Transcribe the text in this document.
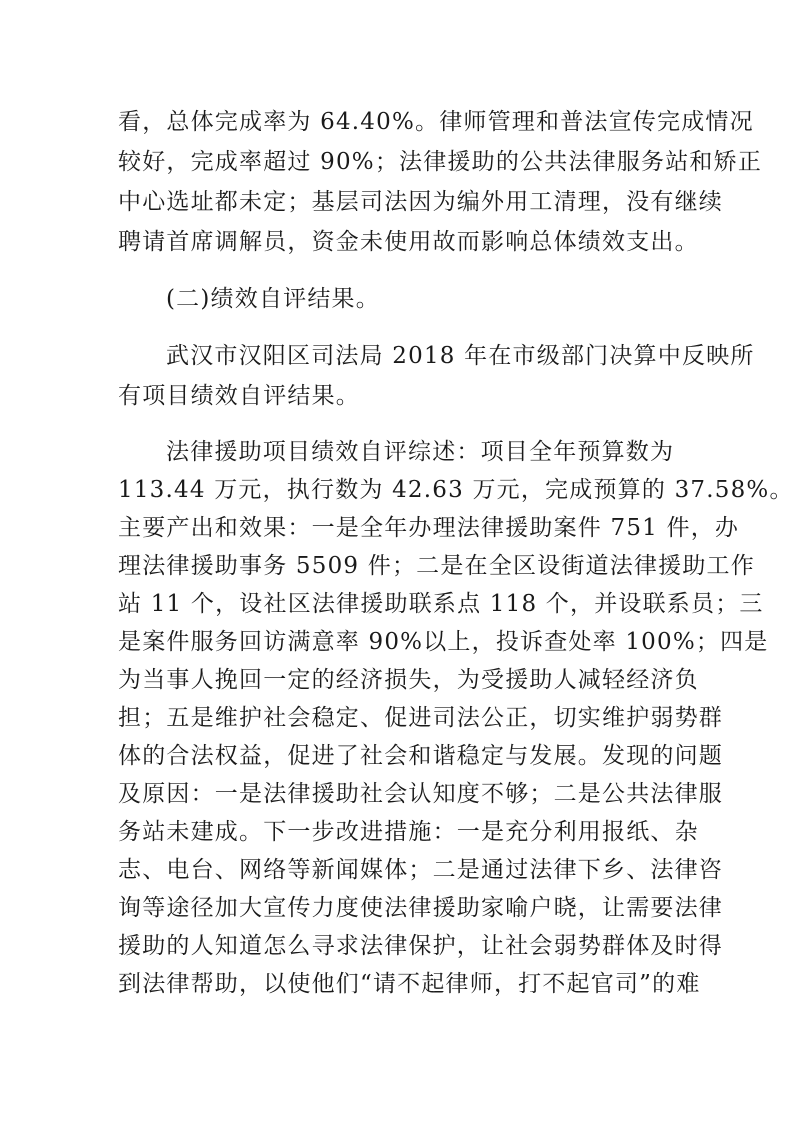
看，总体完成率为 64.40%。律师管理和普法宣传完成情况
较好，完成率超过 90%；法律援助的公共法律服务站和矫正
中心选址都未定；基层司法因为编外用工清理，没有继续
聘请首席调解员，资金未使用故而影响总体绩效支出。
(二)绩效自评结果。
武汉市汉阳区司法局 2018 年在市级部门决算中反映所
有项目绩效自评结果。
法律援助项目绩效自评综述：项目全年预算数为
113.44 万元，执行数为 42.63 万元，完成预算的 37.58%。
主要产出和效果：一是全年办理法律援助案件 751 件，办
理法律援助事务 5509 件；二是在全区设街道法律援助工作
站 11 个，设社区法律援助联系点 118 个，并设联系员；三
是案件服务回访满意率 90%以上，投诉查处率 100%；四是
为当事人挽回一定的经济损失，为受援助人减轻经济负
担；五是维护社会稳定、促进司法公正，切实维护弱势群
体的合法权益，促进了社会和谐稳定与发展。发现的问题
及原因：一是法律援助社会认知度不够；二是公共法律服
务站未建成。下一步改进措施：一是充分利用报纸、杂
志、电台、网络等新闻媒体；二是通过法律下乡、法律咨
询等途径加大宣传力度使法律援助家喻户晓，让需要法律
援助的人知道怎么寻求法律保护，让社会弱势群体及时得
到法律帮助，以使他们“请不起律师，打不起官司”的难
